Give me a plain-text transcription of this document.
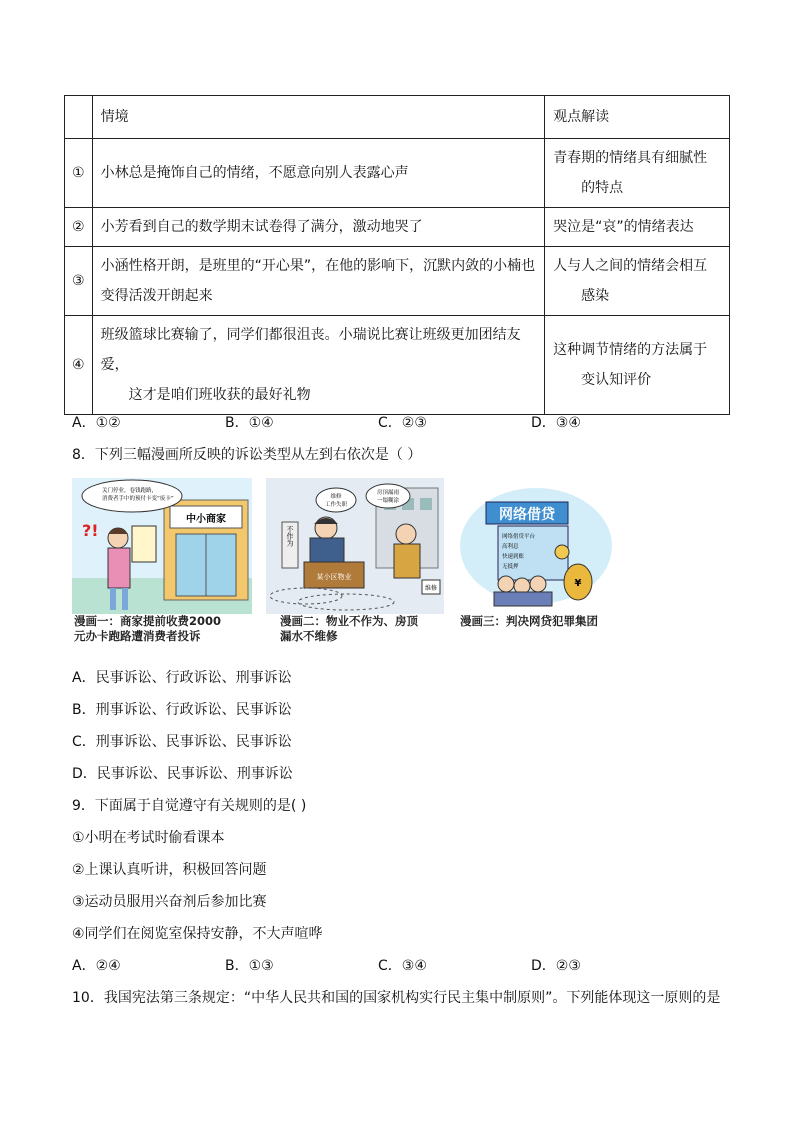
	情境	观点解读
①	小林总是掩饰自己的情绪，不愿意向别人表露心声	青春期的情绪具有细腻性
的特点
②	小芳看到自己的数学期末试卷得了满分，激动地哭了	哭泣是“哀”的情绪表达
③	小涵性格开朗，是班里的“开心果”，在他的影响下，沉默内敛的小楠也
变得活泼开朗起来	人与人之间的情绪会相互
感染
④	班级篮球比赛输了，同学们都很沮丧。小瑞说比赛让班级更加团结友爱，
这才是咱们班收获的最好礼物	这种调节情绪的方法属于
变认知评价
A．①②	B．①④	C．②③	D．③④
8．下列三幅漫画所反映的诉讼类型从左到右依次是（ ）
中小商家
关门停业，卷钱跑路，
消费者手中的预付卡变“废卡”
?!
漫画一：商家提前收费2000
元办卡跑路遭消费者投诉
维修
工作失职
房顶漏雨
一塌糊涂
某小区物业
不作为
维修
漫画二：物业不作为、房顶
漏水不维修
网络借贷
网络借贷平台
高利息
快速到账
无抵押
¥
漫画三：判决网贷犯罪集团
A．民事诉讼、行政诉讼、刑事诉讼
B．刑事诉讼、行政诉讼、民事诉讼
C．刑事诉讼、民事诉讼、民事诉讼
D．民事诉讼、民事诉讼、刑事诉讼
9．下面属于自觉遵守有关规则的是( )
①小明在考试时偷看课本
②上课认真听讲，积极回答问题
③运动员服用兴奋剂后参加比赛
④同学们在阅览室保持安静，不大声喧哗
A．②④	B．①③	C．③④	D．②③
10．我国宪法第三条规定：“中华人民共和国的国家机构实行民主集中制原则”。下列能体现这一原则的是
